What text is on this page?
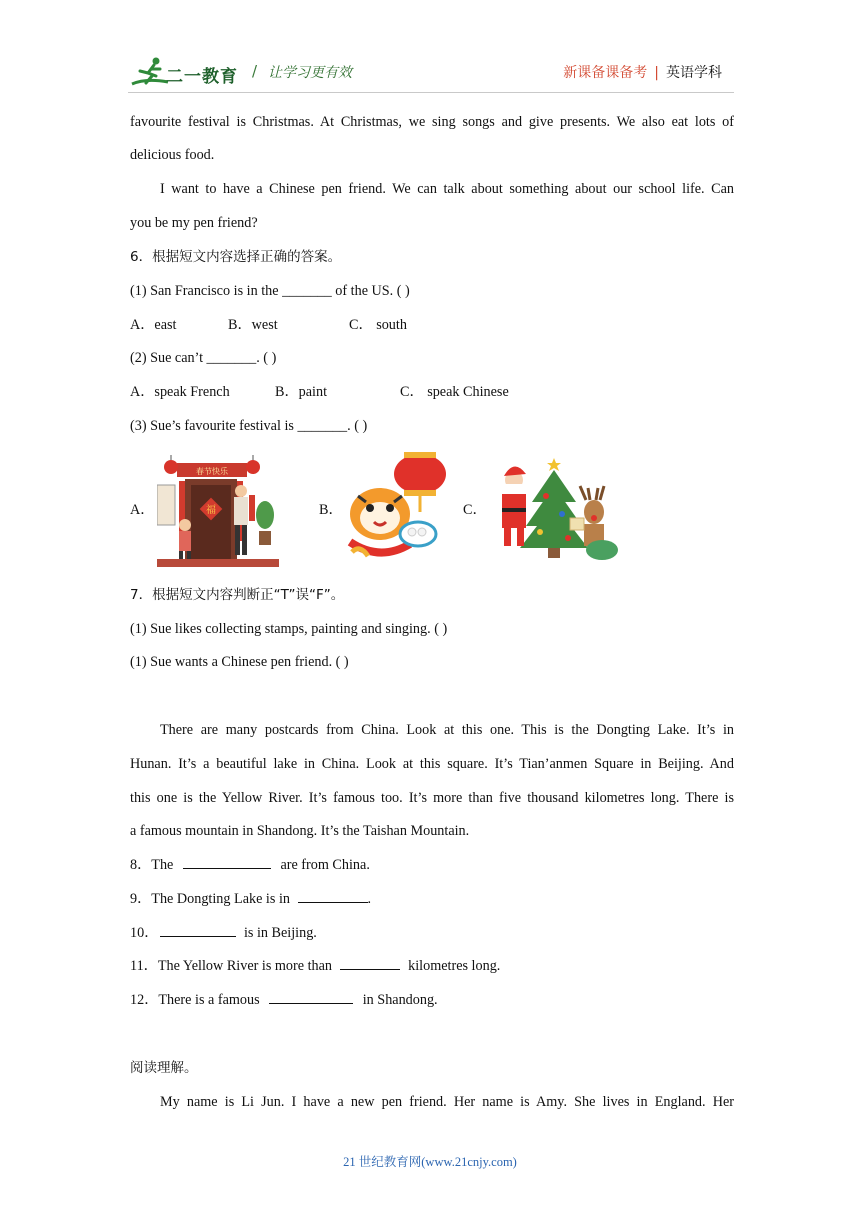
二一教育 / 让学习更有效	新课备课备考 | 英语学科
favourite festival is Christmas. At Christmas, we sing songs and give presents. We also eat lots of
delicious food.
I want to have a Chinese pen friend. We can talk about something about our school life. Can
you be my pen friend?
6．根据短文内容选择正确的答案。
(1) San Francisco is in the _______ of the US. ( )
A．east	B．west	C． south
(2) Sue can’t _______. ( )
A．speak French	B．paint	C． speak Chinese
(3) Sue’s favourite festival is _______. ( )
A．	B．	C．
7．根据短文内容判断正“T”误“F”。
(1) Sue likes collecting stamps, painting and singing. ( )
(1) Sue wants a Chinese pen friend. ( )
There are many postcards from China. Look at this one. This is the Dongting Lake. It’s in
Hunan. It’s a beautiful lake in China. Look at this square. It’s Tian’anmen Square in Beijing. And
this one is the Yellow River. It’s famous too. It’s more than five thousand kilometres long. There is
a famous mountain in Shandong. It’s the Taishan Mountain.
8．The	are from China.
9．The Dongting Lake is in	.
10．	is in Beijing.
11．The Yellow River is more than	kilometres long.
12．There is a famous	in Shandong.
阅读理解。
My name is Li Jun. I have a new pen friend. Her name is Amy. She lives in England. Her
春节快乐
福
21 世纪教育网(www.21cnjy.com)
